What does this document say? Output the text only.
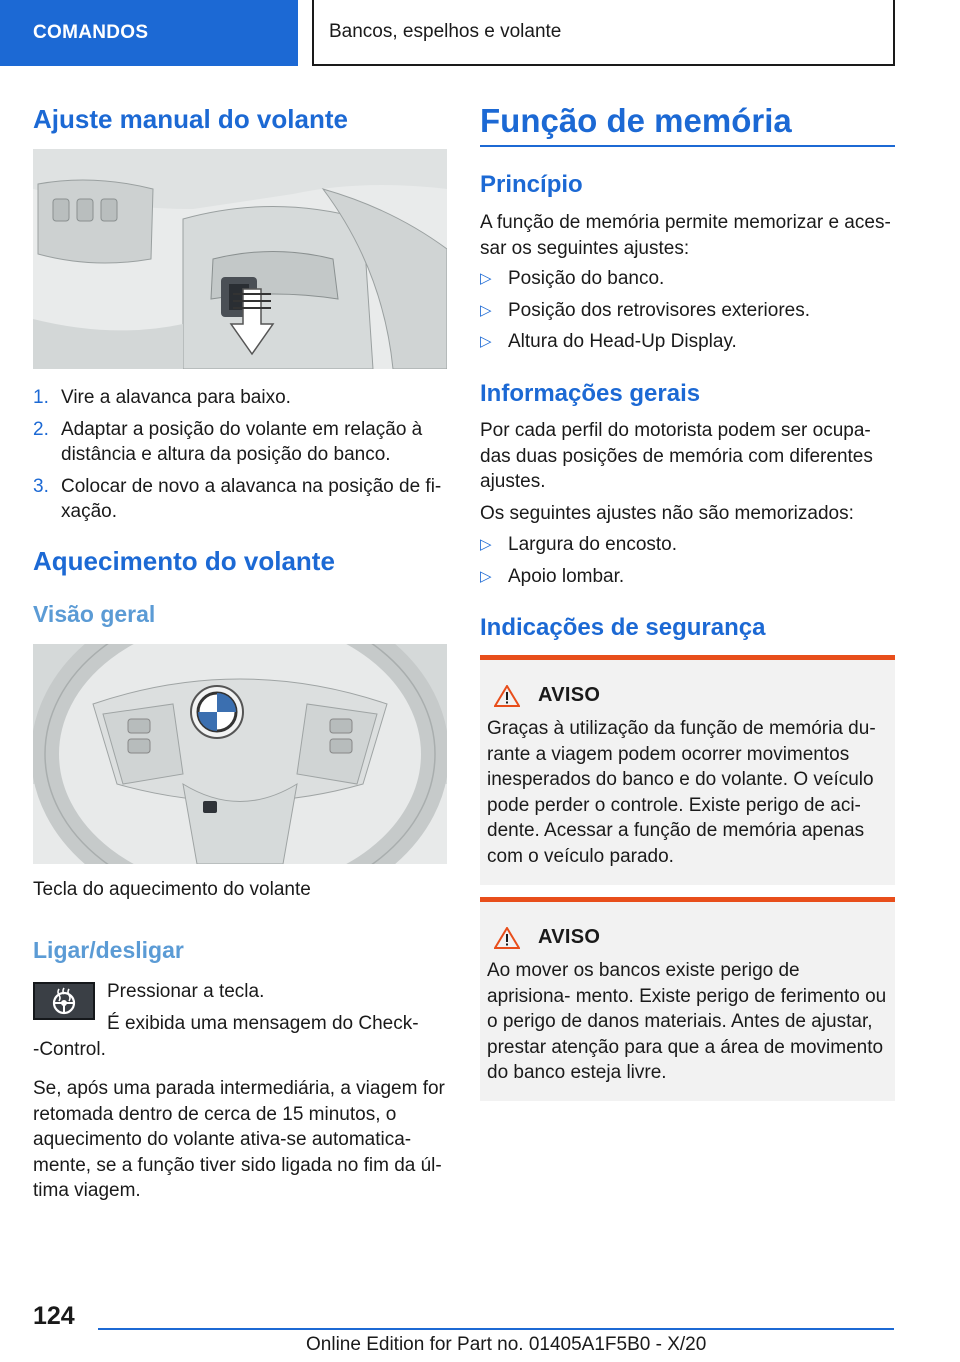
COMANDOS	Bancos, espelhos e volante
Ajuste manual do volante
1. Vire a alavanca para baixo.
2. Adaptar a posição do volante em relação à distância e altura da posição do banco.
3. Colocar de novo a alavanca na posição de fi‐ xação.
Aquecimento do volante
Visão geral
Tecla do aquecimento do volante
Ligar/desligar
Pressionar a tecla.
É exibida uma mensagem do Check‐ ‐Control.
Se, após uma parada intermediária, a viagem for retomada dentro de cerca de 15 minutos, o aquecimento do volante ativa-se automatica‐ mente, se a função tiver sido ligada no fim da úl‐ tima viagem.
Função de memória
Princípio
A função de memória permite memorizar e aces‐ sar os seguintes ajustes:
▷ Posição do banco.
▷ Posição dos retrovisores exteriores.
▷ Altura do Head-Up Display.
Informações gerais
Por cada perfil do motorista podem ser ocupa‐ das duas posições de memória com diferentes ajustes.
Os seguintes ajustes não são memorizados:
▷ Largura do encosto.
▷ Apoio lombar.
Indicações de segurança
AVISO
Graças à utilização da função de memória du‐ rante a viagem podem ocorrer movimentos inesperados do banco e do volante. O veículo pode perder o controle. Existe perigo de aci‐ dente. Acessar a função de memória apenas com o veículo parado.
AVISO
Ao mover os bancos existe perigo de aprisiona‐ mento. Existe perigo de ferimento ou o perigo de danos materiais. Antes de ajustar, prestar atenção para que a área de movimento do banco esteja livre.
124
Online Edition for Part no. 01405A1F5B0 - X/20
